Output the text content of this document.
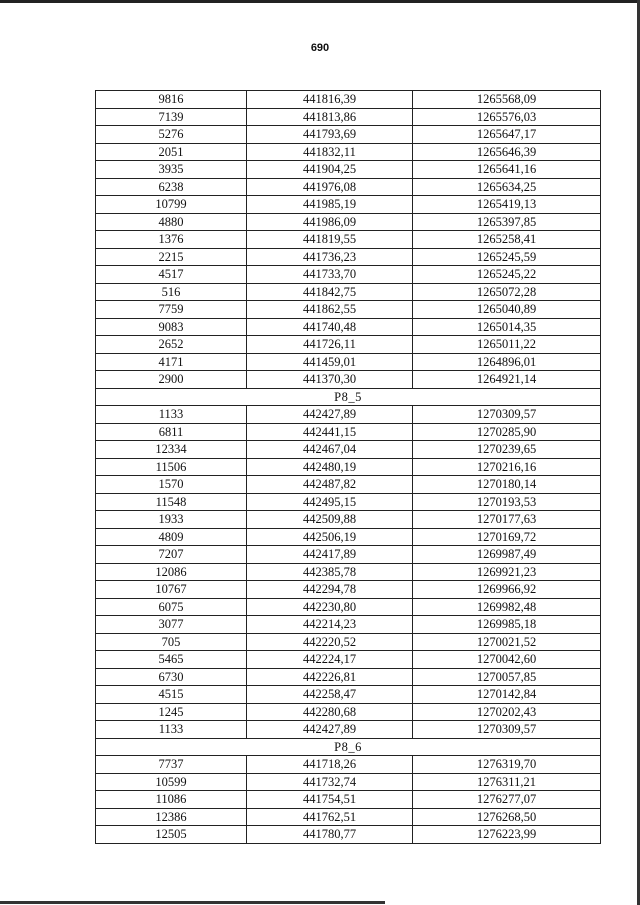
690
9816	441816,39	1265568,09
7139	441813,86	1265576,03
5276	441793,69	1265647,17
2051	441832,11	1265646,39
3935	441904,25	1265641,16
6238	441976,08	1265634,25
10799	441985,19	1265419,13
4880	441986,09	1265397,85
1376	441819,55	1265258,41
2215	441736,23	1265245,59
4517	441733,70	1265245,22
516	441842,75	1265072,28
7759	441862,55	1265040,89
9083	441740,48	1265014,35
2652	441726,11	1265011,22
4171	441459,01	1264896,01
2900	441370,30	1264921,14
Р8_5		
1133	442427,89	1270309,57
6811	442441,15	1270285,90
12334	442467,04	1270239,65
11506	442480,19	1270216,16
1570	442487,82	1270180,14
11548	442495,15	1270193,53
1933	442509,88	1270177,63
4809	442506,19	1270169,72
7207	442417,89	1269987,49
12086	442385,78	1269921,23
10767	442294,78	1269966,92
6075	442230,80	1269982,48
3077	442214,23	1269985,18
705	442220,52	1270021,52
5465	442224,17	1270042,60
6730	442226,81	1270057,85
4515	442258,47	1270142,84
1245	442280,68	1270202,43
1133	442427,89	1270309,57
Р8_6		
7737	441718,26	1276319,70
10599	441732,74	1276311,21
11086	441754,51	1276277,07
12386	441762,51	1276268,50
12505	441780,77	1276223,99
